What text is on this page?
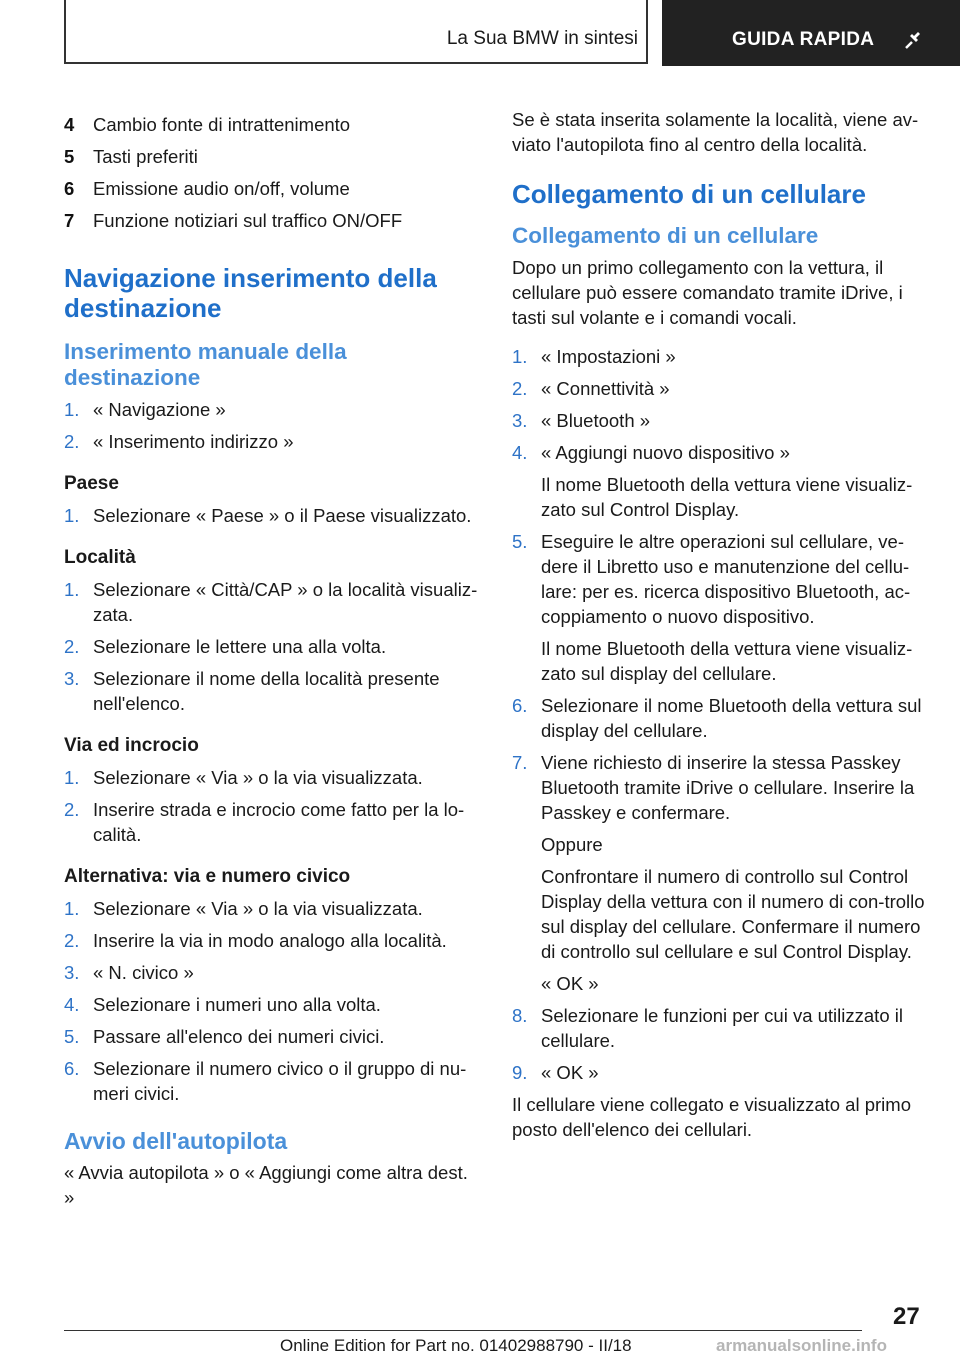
La Sua BMW in sintesi	GUIDA RAPIDA
4 Cambio fonte di intrattenimento
5 Tasti preferiti
6 Emissione audio on/off, volume
7 Funzione notiziari sul traffico ON/OFF
Navigazione inserimento della destinazione
Inserimento manuale della destinazione
1. « Navigazione »
2. « Inserimento indirizzo »
Paese
1. Selezionare « Paese » o il Paese visualizzato.
Località
1. Selezionare « Città/CAP » o la località visualiz-zata.
2. Selezionare le lettere una alla volta.
3. Selezionare il nome della località presente nell'elenco.
Via ed incrocio
1. Selezionare « Via » o la via visualizzata.
2. Inserire strada e incrocio come fatto per la lo-calità.
Alternativa: via e numero civico
1. Selezionare « Via » o la via visualizzata.
2. Inserire la via in modo analogo alla località.
3. « N. civico »
4. Selezionare i numeri uno alla volta.
5. Passare all'elenco dei numeri civici.
6. Selezionare il numero civico o il gruppo di nu-meri civici.
Avvio dell'autopilota
« Avvia autopilota » o « Aggiungi come altra dest. »
Se è stata inserita solamente la località, viene av-viato l'autopilota fino al centro della località.
Collegamento di un cellulare
Collegamento di un cellulare
Dopo un primo collegamento con la vettura, il cellulare può essere comandato tramite iDrive, i tasti sul volante e i comandi vocali.
1. « Impostazioni »
2. « Connettività »
3. « Bluetooth »
4. « Aggiungi nuovo dispositivo »
Il nome Bluetooth della vettura viene visualiz-zato sul Control Display.
5. Eseguire le altre operazioni sul cellulare, ve-dere il Libretto uso e manutenzione del cellu-lare: per es. ricerca dispositivo Bluetooth, ac-coppiamento o nuovo dispositivo.
Il nome Bluetooth della vettura viene visualiz-zato sul display del cellulare.
6. Selezionare il nome Bluetooth della vettura sul display del cellulare.
7. Viene richiesto di inserire la stessa Passkey Bluetooth tramite iDrive o cellulare. Inserire la Passkey e confermare.
Oppure
Confrontare il numero di controllo sul Control Display della vettura con il numero di con-trollo sul display del cellulare. Confermare il numero di controllo sul cellulare e sul Control Display.
« OK »
8. Selezionare le funzioni per cui va utilizzato il cellulare.
9. « OK »
Il cellulare viene collegato e visualizzato al primo posto dell'elenco dei cellulari.
27
Online Edition for Part no. 01402988790 - II/18	armanualsonline.info
